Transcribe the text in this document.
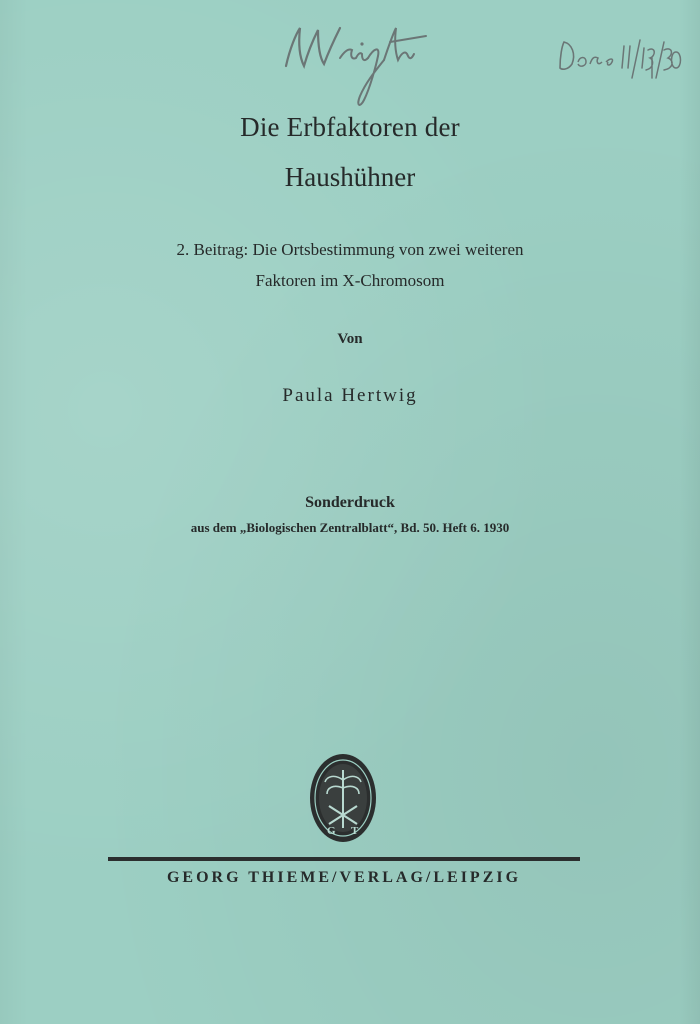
Die Erbfaktoren der
Haushühner
2. Beitrag: Die Ortsbestimmung von zwei weiteren
Faktoren im X-Chromosom
Von
Paula Hertwig
Sonderdruck
aus dem „Biologischen Zentralblatt“, Bd. 50. Heft 6. 1930
G T
GEORG THIEME/VERLAG/LEIPZIG
